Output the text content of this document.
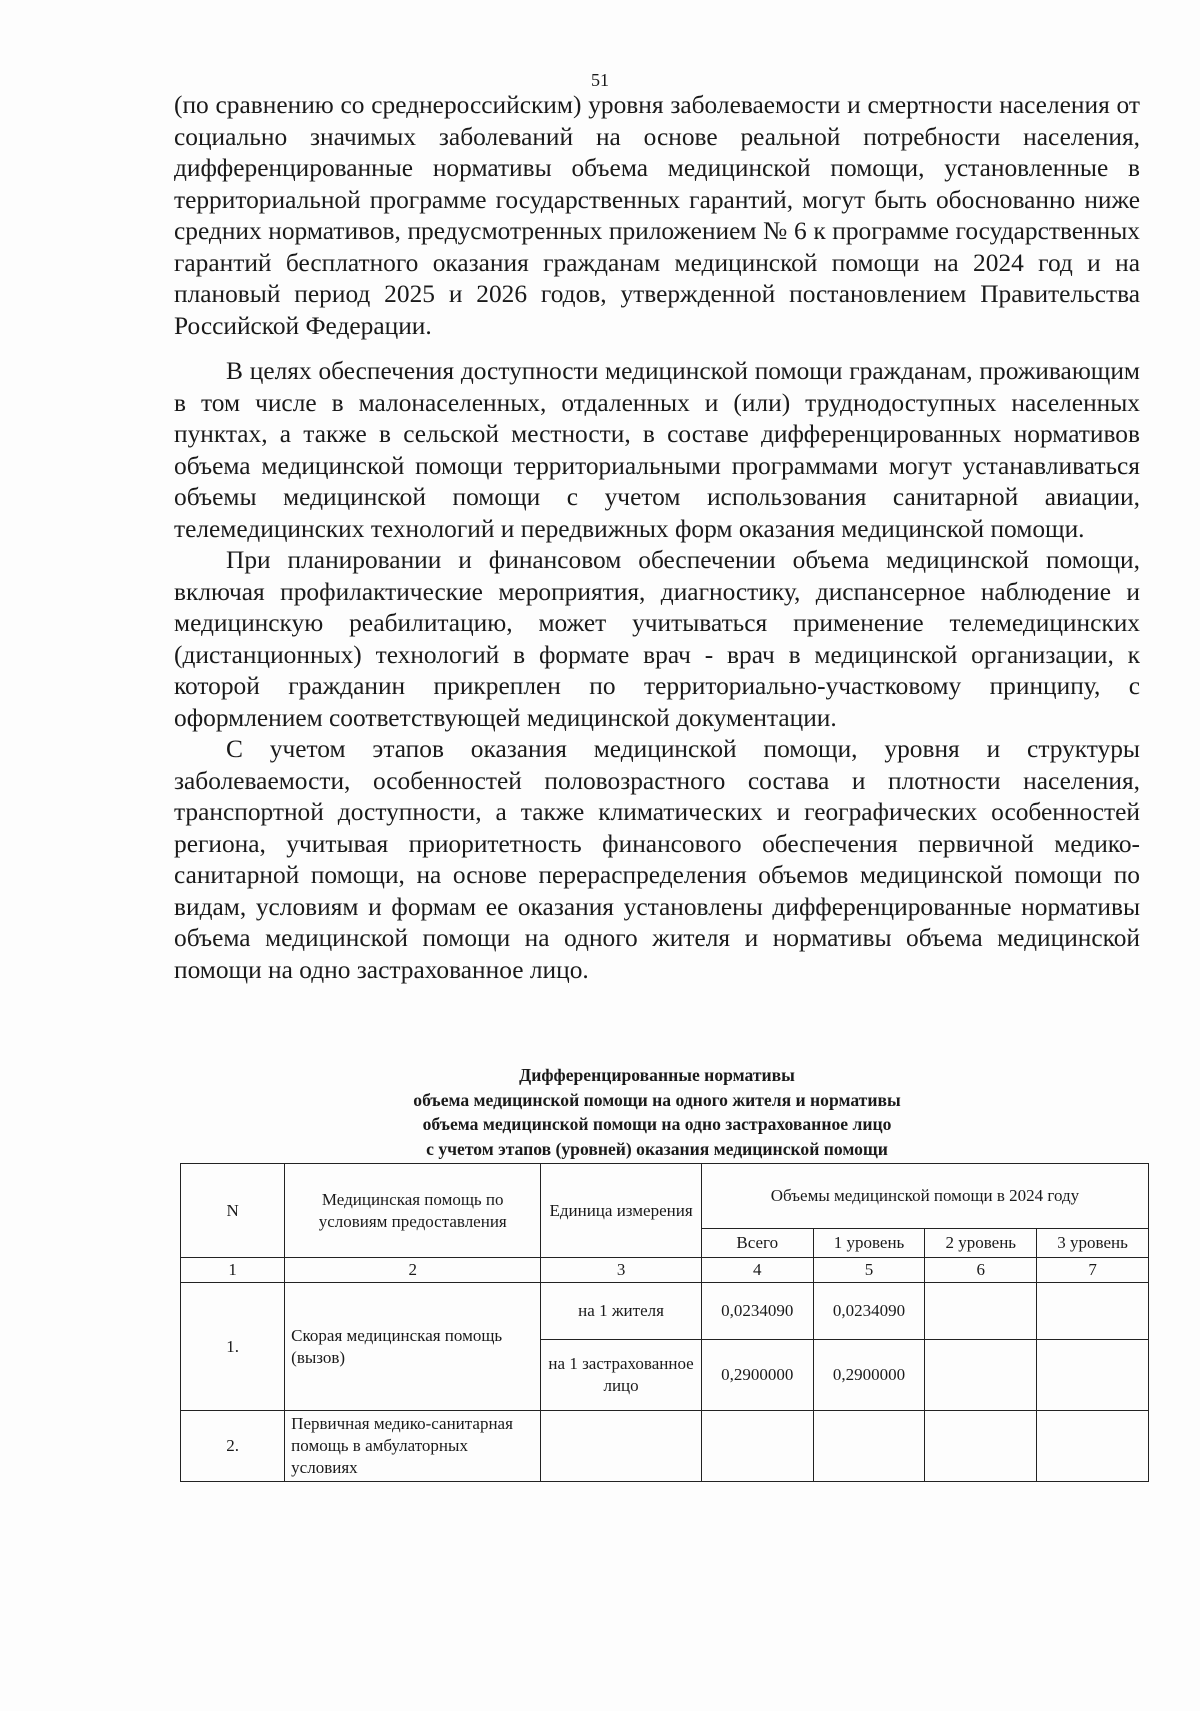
51

(по сравнению со среднероссийским) уровня заболеваемости и смертности населения от социально значимых заболеваний на основе реальной потребности населения, дифференцированные нормативы объема медицинской помощи, установленные в территориальной программе государственных гарантий, могут быть обоснованно ниже средних нормативов, предусмотренных приложением № 6 к программе государственных гарантий бесплатного оказания гражданам медицинской помощи на 2024 год и на плановый период 2025 и 2026 годов, утвержденной постановлением Правительства Российской Федерации.

В целях обеспечения доступности медицинской помощи гражданам, проживающим в том числе в малонаселенных, отдаленных и (или) труднодоступных населенных пунктах, а также в сельской местности, в составе дифференцированных нормативов объема медицинской помощи территориальными программами могут устанавливаться объемы медицинской помощи с учетом использования санитарной авиации, телемедицинских технологий и передвижных форм оказания медицинской помощи.

При планировании и финансовом обеспечении объема медицинской помощи, включая профилактические мероприятия, диагностику, диспансерное наблюдение и медицинскую реабилитацию, может учитываться применение телемедицинских (дистанционных) технологий в формате врач - врач в медицинской организации, к которой гражданин прикреплен по территориально-участковому принципу, с оформлением соответствующей медицинской документации.

С учетом этапов оказания медицинской помощи, уровня и структуры заболеваемости, особенностей половозрастного состава и плотности населения, транспортной доступности, а также климатических и географических особенностей региона, учитывая приоритетность финансового обеспечения первичной медико-санитарной помощи, на основе перераспределения объемов медицинской помощи по видам, условиям и формам ее оказания установлены дифференцированные нормативы объема медицинской помощи на одного жителя и нормативы объема медицинской помощи на одно застрахованное лицо.

Дифференцированные нормативы
объема медицинской помощи на одного жителя и нормативы
объема медицинской помощи на одно застрахованное лицо
с учетом этапов (уровней) оказания медицинской помощи
N	Медицинская помощь по условиям предоставления	Единица измерения	Объемы медицинской помощи в 2024 году			
			Всего	1 уровень	2 уровень	3 уровень
1	2	3	4	5	6	7
1.	Скорая медицинская помощь (вызов)	на 1 жителя	0,0234090	0,0234090		
		на 1 застрахованное лицо	0,2900000	0,2900000		
2.	Первичная медико-санитарная помощь в амбулаторных условиях					
